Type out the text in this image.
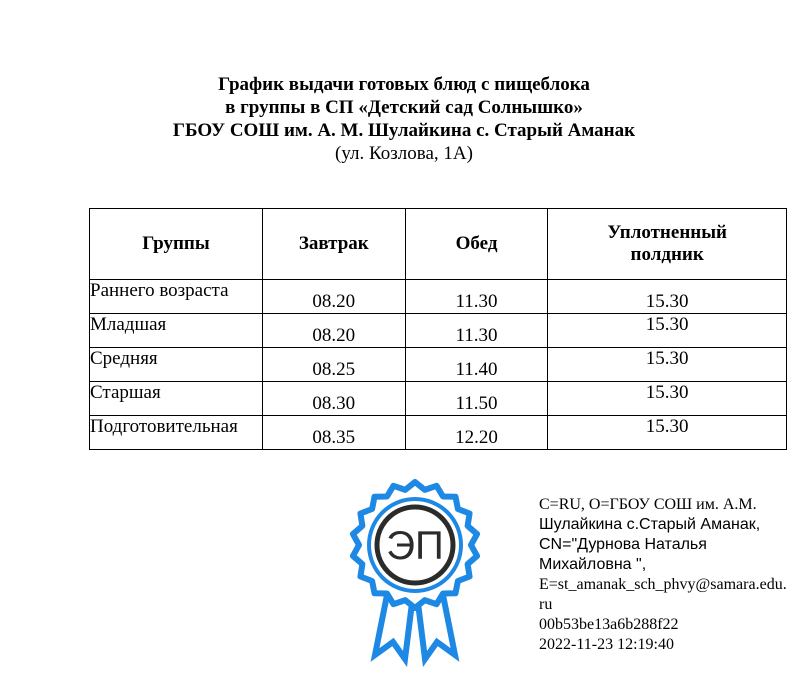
График выдачи готовых блюд с пищеблока
в группы в СП «Детский сад Солнышко»
ГБОУ СОШ им. А. М. Шулайкина с. Старый Аманак
(ул. Козлова, 1А)
Группы	Завтрак	Обед	Уплотненный
полдник
Раннего возраста	08.20	11.30	15.30
Младшая	08.20	11.30	15.30
Средняя	08.25	11.40	15.30
Старшая	08.30	11.50	15.30
Подготовительная	08.35	12.20	15.30
ЭП
C=RU, O=ГБОУ СОШ им. А.М.
Шулайкина с.Старый Аманак,
CN="Дурнова Наталья
Михайловна ",
E=st_amanak_sch_phvy@samara.edu.
ru
00b53be13a6b288f22
2022-11-23 12:19:40
